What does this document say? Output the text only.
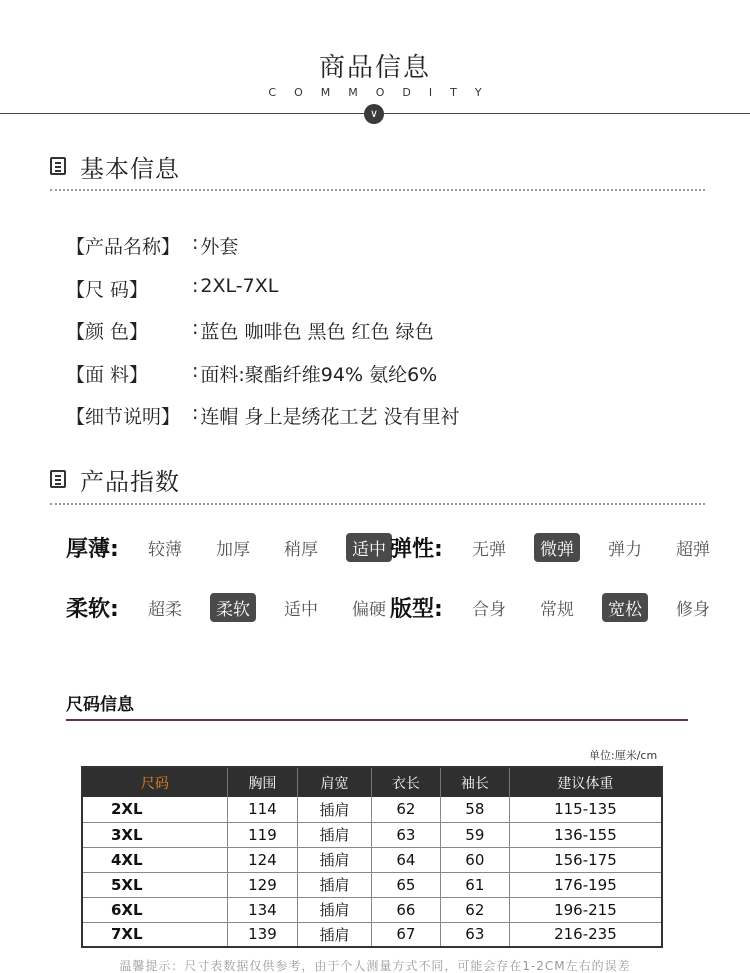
商品信息
COMMODITY
∨
基本信息
【产品名称】 : 外套
【尺 码】	: 2XL-7XL
【颜 色】	: 蓝色 咖啡色 黑色 红色 绿色
【面 料】	: 面料:聚酯纤维94% 氨纶6%
【细节说明】 : 连帽 身上是绣花工艺 没有里衬
产品指数
厚薄:	较薄	加厚	稍厚	适中 弹性:	无弹	微弹	弹力	超弹
柔软:	超柔	柔软	适中	偏硬 版型:	合身	常规	宽松	修身
尺码信息
单位:厘米/cm
尺码	胸围	肩宽	衣长	袖长	建议体重
2XL	114	插肩	62	58	115-135
3XL	119	插肩	63	59	136-155
4XL	124	插肩	64	60	156-175
5XL	129	插肩	65	61	176-195
6XL	134	插肩	66	62	196-215
7XL	139	插肩	67	63	216-235
温馨提示：尺寸表数据仅供参考，由于个人测量方式不同，可能会存在1-2CM左右的误差
